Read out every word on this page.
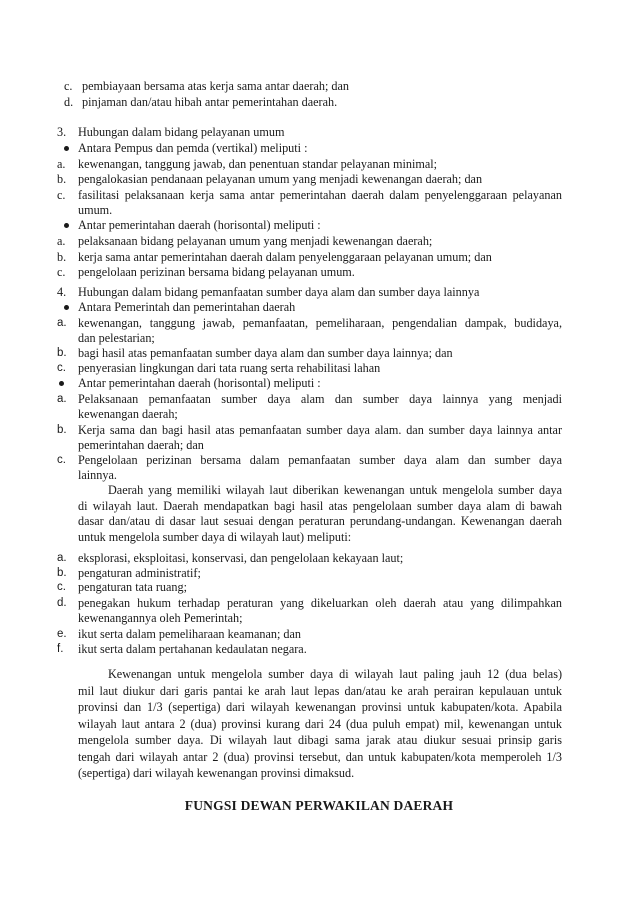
c. pembiayaan bersama atas kerja sama antar daerah; dan
d. pinjaman dan/atau hibah antar pemerintahan daerah.
3. Hubungan dalam bidang pelayanan umum
Antara Pempus dan pemda (vertikal) meliputi :
a. kewenangan, tanggung jawab, dan penentuan standar pelayanan minimal;
b. pengalokasian pendanaan pelayanan umum yang menjadi kewenangan daerah; dan
c. fasilitasi pelaksanaan kerja sama antar pemerintahan daerah dalam penyelenggaraan pelayanan
umum.
Antar pemerintahan daerah (horisontal) meliputi :
a. pelaksanaan bidang pelayanan umum yang menjadi kewenangan daerah;
b. kerja sama antar pemerintahan daerah dalam penyelenggaraan pelayanan umum; dan
c. pengelolaan perizinan bersama bidang pelayanan umum.
4. Hubungan dalam bidang pemanfaatan sumber daya alam dan sumber daya lainnya
Antara Pemerintah dan pemerintahan daerah
a. kewenangan, tanggung jawab, pemanfaatan, pemeliharaan, pengendalian dampak, budidaya,
dan pelestarian;
b. bagi hasil atas pemanfaatan sumber daya alam dan sumber daya lainnya; dan
c. penyerasian lingkungan dari tata ruang serta rehabilitasi lahan
Antar pemerintahan daerah (horisontal) meliputi :
a. Pelaksanaan pemanfaatan sumber daya alam dan sumber daya lainnya yang menjadi
kewenangan daerah;
b. Kerja sama dan bagi hasil atas pemanfaatan sumber daya alam. dan sumber daya lainnya antar
pemerintahan daerah; dan
c. Pengelolaan perizinan bersama dalam pemanfaatan sumber daya alam dan sumber daya
lainnya.
Daerah yang memiliki wilayah laut diberikan kewenangan untuk mengelola sumber daya
di wilayah laut. Daerah mendapatkan bagi hasil atas pengelolaan sumber daya alam di bawah
dasar dan/atau di dasar laut sesuai dengan peraturan perundang-undangan. Kewenangan daerah
untuk mengelola sumber daya di wilayah laut) meliputi:
a. eksplorasi, eksploitasi, konservasi, dan pengelolaan kekayaan laut;
b. pengaturan administratif;
c. pengaturan tata ruang;
d. penegakan hukum terhadap peraturan yang dikeluarkan oleh daerah atau yang dilimpahkan
kewenangannya oleh Pemerintah;
e. ikut serta dalam pemeliharaan keamanan; dan
f. ikut serta dalam pertahanan kedaulatan negara.
Kewenangan untuk mengelola sumber daya di wilayah laut paling jauh 12 (dua belas)
mil laut diukur dari garis pantai ke arah laut lepas dan/atau ke arah perairan kepulauan untuk
provinsi dan 1/3 (sepertiga) dari wilayah kewenangan provinsi untuk kabupaten/kota. Apabila
wilayah laut antara 2 (dua) provinsi kurang dari 24 (dua puluh empat) mil, kewenangan untuk
mengelola sumber daya. Di wilayah laut dibagi sama jarak atau diukur sesuai prinsip garis
tengah dari wilayah antar 2 (dua) provinsi tersebut, dan untuk kabupaten/kota memperoleh 1/3
(sepertiga) dari wilayah kewenangan provinsi dimaksud.
FUNGSI DEWAN PERWAKILAN DAERAH
